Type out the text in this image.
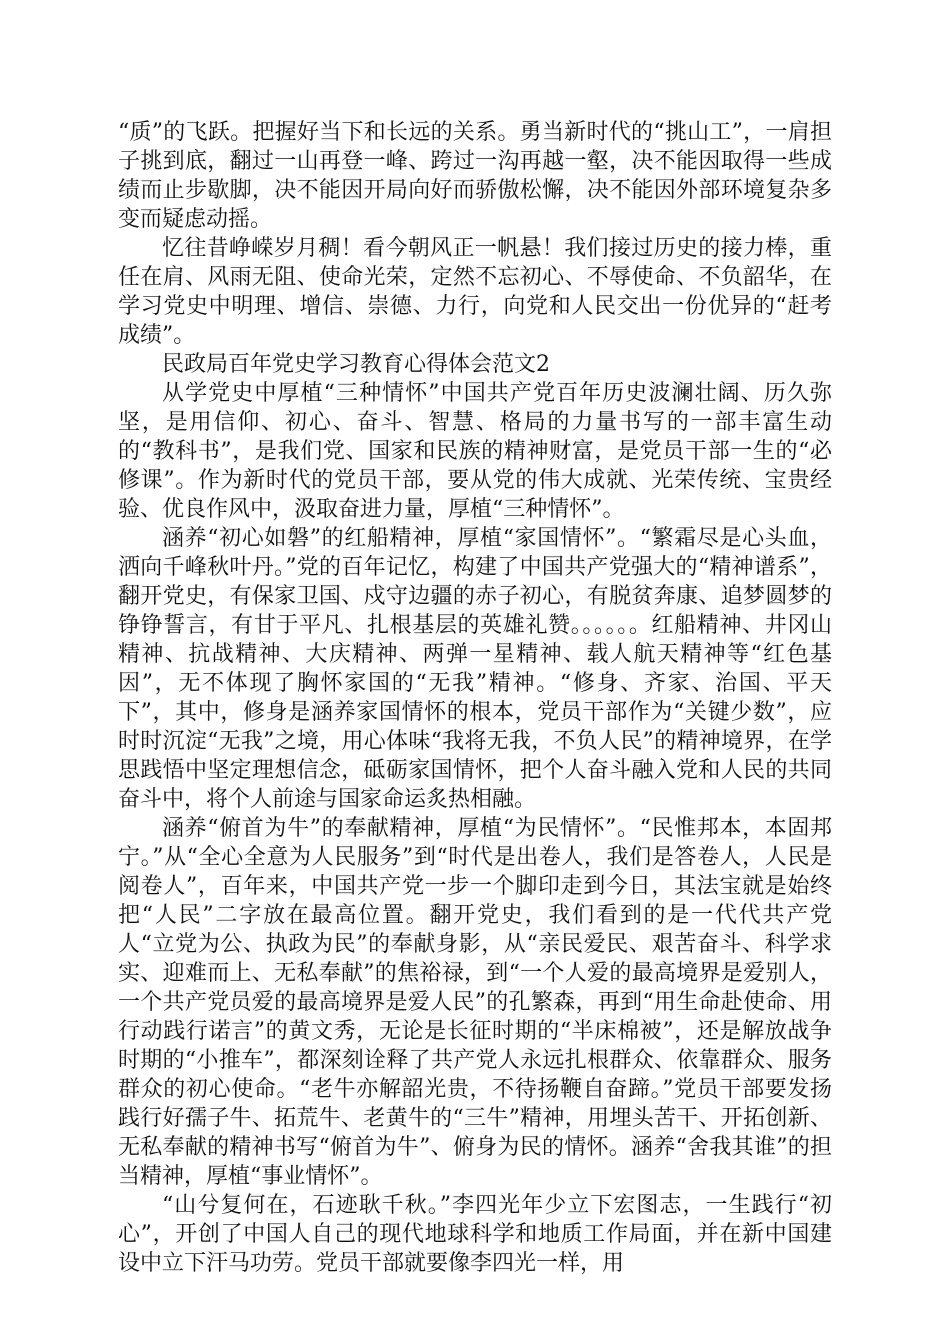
“质”的飞跃。把握好当下和长远的关系。勇当新时代的“挑山工”，一肩担子挑到底，翻过一山再登一峰、跨过一沟再越一壑，决不能因取得一些成绩而止步歇脚，决不能因开局向好而骄傲松懈，决不能因外部环境复杂多变而疑虑动摇。

忆往昔峥嵘岁月稠！看今朝风正一帆悬！我们接过历史的接力棒，重任在肩、风雨无阻、使命光荣，定然不忘初心、不辱使命、不负韶华，在学习党史中明理、增信、崇德、力行，向党和人民交出一份优异的“赶考成绩”。

民政局百年党史学习教育心得体会范文2

从学党史中厚植“三种情怀”中国共产党百年历史波澜壮阔、历久弥坚，是用信仰、初心、奋斗、智慧、格局的力量书写的一部丰富生动的“教科书”，是我们党、国家和民族的精神财富，是党员干部一生的“必修课”。作为新时代的党员干部，要从党的伟大成就、光荣传统、宝贵经验、优良作风中，汲取奋进力量，厚植“三种情怀”。

涵养“初心如磐”的红船精神，厚植“家国情怀”。“繁霜尽是心头血，洒向千峰秋叶丹。”党的百年记忆，构建了中国共产党强大的“精神谱系”，翻开党史，有保家卫国、戍守边疆的赤子初心，有脱贫奔康、追梦圆梦的铮铮誓言，有甘于平凡、扎根基层的英雄礼赞。。。。。。红船精神、井冈山精神、抗战精神、大庆精神、两弹一星精神、载人航天精神等“红色基因”，无不体现了胸怀家国的“无我”精神。“修身、齐家、治国、平天下”，其中，修身是涵养家国情怀的根本，党员干部作为“关键少数”，应时时沉淀“无我”之境，用心体味“我将无我，不负人民”的精神境界，在学思践悟中坚定理想信念，砥砺家国情怀，把个人奋斗融入党和人民的共同奋斗中，将个人前途与国家命运炙热相融。

涵养“俯首为牛”的奉献精神，厚植“为民情怀”。“民惟邦本，本固邦宁。”从“全心全意为人民服务”到“时代是出卷人，我们是答卷人，人民是阅卷人”，百年来，中国共产党一步一个脚印走到今日，其法宝就是始终把“人民”二字放在最高位置。翻开党史，我们看到的是一代代共产党人“立党为公、执政为民”的奉献身影，从“亲民爱民、艰苦奋斗、科学求实、迎难而上、无私奉献”的焦裕禄，到“一个人爱的最高境界是爱别人，一个共产党员爱的最高境界是爱人民”的孔繁森，再到“用生命赴使命、用行动践行诺言”的黄文秀，无论是长征时期的“半床棉被”，还是解放战争时期的“小推车”，都深刻诠释了共产党人永远扎根群众、依靠群众、服务群众的初心使命。“老牛亦解韶光贵，不待扬鞭自奋蹄。”党员干部要发扬践行好孺子牛、拓荒牛、老黄牛的“三牛”精神，用埋头苦干、开拓创新、无私奉献的精神书写“俯首为牛”、俯身为民的情怀。涵养“舍我其谁”的担当精神，厚植“事业情怀”。

“山兮复何在，石迹耿千秋。”李四光年少立下宏图志，一生践行“初心”，开创了中国人自己的现代地球科学和地质工作局面，并在新中国建设中立下汗马功劳。党员干部就要像李四光一样，用
